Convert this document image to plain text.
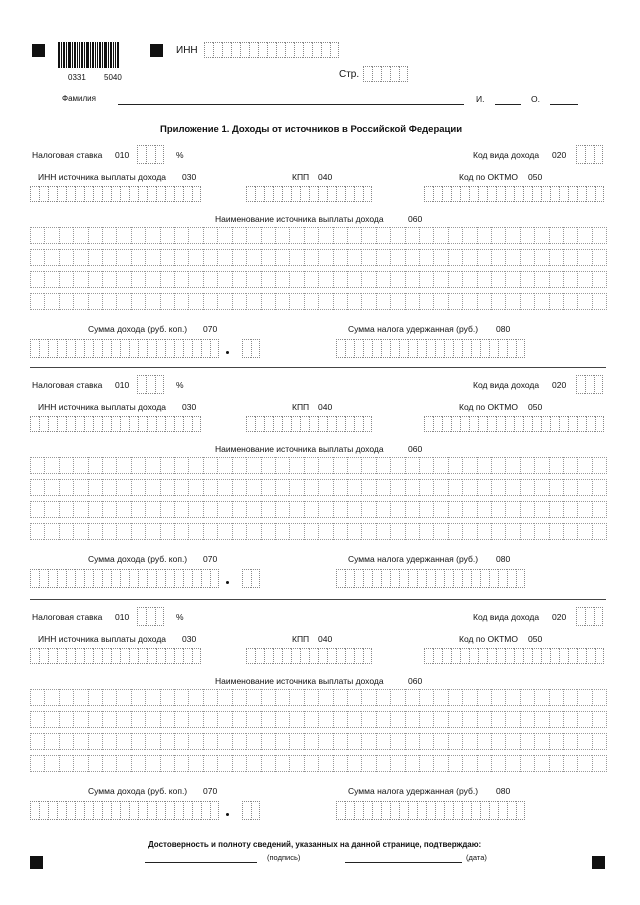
0331 5040
ИНН
Стр.
Фамилия	И.	О.
Приложение 1. Доходы от источников в Российской Федерации
Налоговая ставка 010	%	Код вида дохода 020
ИНН источника выплаты дохода 030	КПП 040	Код по ОКТМО 050
Наименование источника выплаты дохода	060
Сумма дохода (руб. коп.) 070	Сумма налога удержанная (руб.) 080
Налоговая ставка 010	%	Код вида дохода 020
ИНН источника выплаты дохода 030	КПП 040	Код по ОКТМО 050
Наименование источника выплаты дохода	060
Сумма дохода (руб. коп.) 070	Сумма налога удержанная (руб.) 080
Налоговая ставка 010	%	Код вида дохода 020
ИНН источника выплаты дохода 030	КПП 040	Код по ОКТМО 050
Наименование источника выплаты дохода	060
Сумма дохода (руб. коп.) 070	Сумма налога удержанная (руб.) 080
Достоверность и полноту сведений, указанных на данной странице, подтверждаю:
(подпись)	(дата)
